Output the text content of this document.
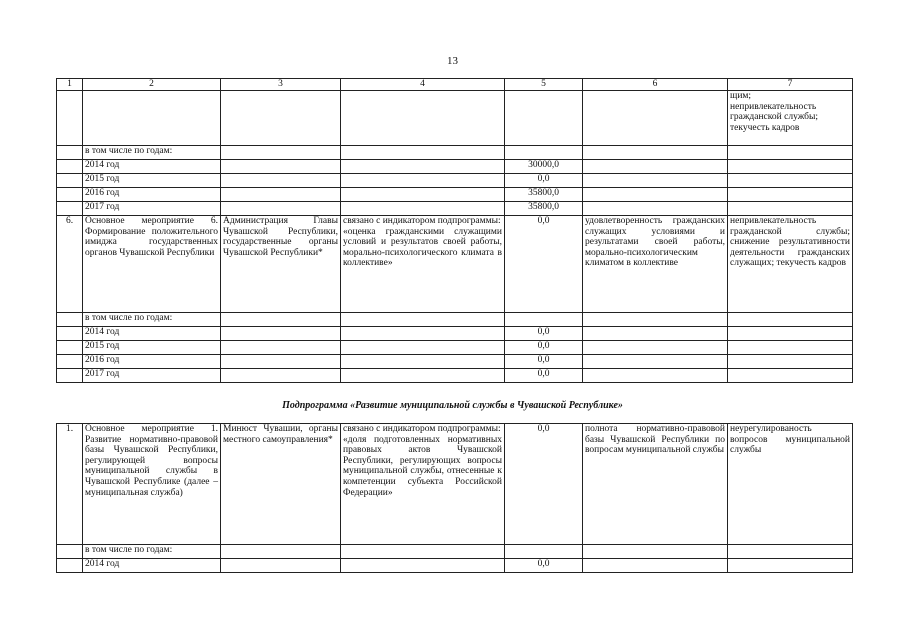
13
1	2	3	4	5	6	7
						щим;
непривлекательность
гражданской службы;
текучесть кадров
	в том числе по годам:					
	2014 год			30000,0		
	2015 год			0,0		
	2016 год			35800,0		
	2017 год			35800,0		
6.	Основное мероприятие 6. Формирование положительного имиджа государственных органов Чувашской Республики	Администрация Главы Чувашской Республики, государственные органы Чувашской Республики*	связано с индикатором подпрограммы:
«оценка гражданскими служащими условий и результатов своей работы, морально-психологического климата в коллективе»	0,0	удовлетворенность гражданских служащих условиями и результатами своей работы, морально-психологическим климатом в коллективе	непривлекательность гражданской службы; снижение результативности деятельности гражданских служащих; текучесть кадров
	в том числе по годам:					
	2014 год			0,0		
	2015 год			0,0		
	2016 год			0,0		
	2017 год			0,0		
Подпрограмма «Развитие муниципальной службы в Чувашской Республике»
1.	Основное мероприятие 1. Развитие нормативно-правовой базы Чувашской Республики, регулирующей вопросы муниципальной службы в Чувашской Республике (далее – муниципальная служба)	Минюст Чувашии, органы местного самоуправления*	связано с индикатором подпрограммы:
«доля подготовленных нормативных правовых актов Чувашской Республики, регулирующих вопросы муниципальной службы, отнесенные к компетенции субъекта Российской Федерации»	0,0	полнота нормативно-правовой базы Чувашской Республики по вопросам муниципальной службы	неурегулированость вопросов муниципальной службы
	в том числе по годам:					
	2014 год			0,0		
